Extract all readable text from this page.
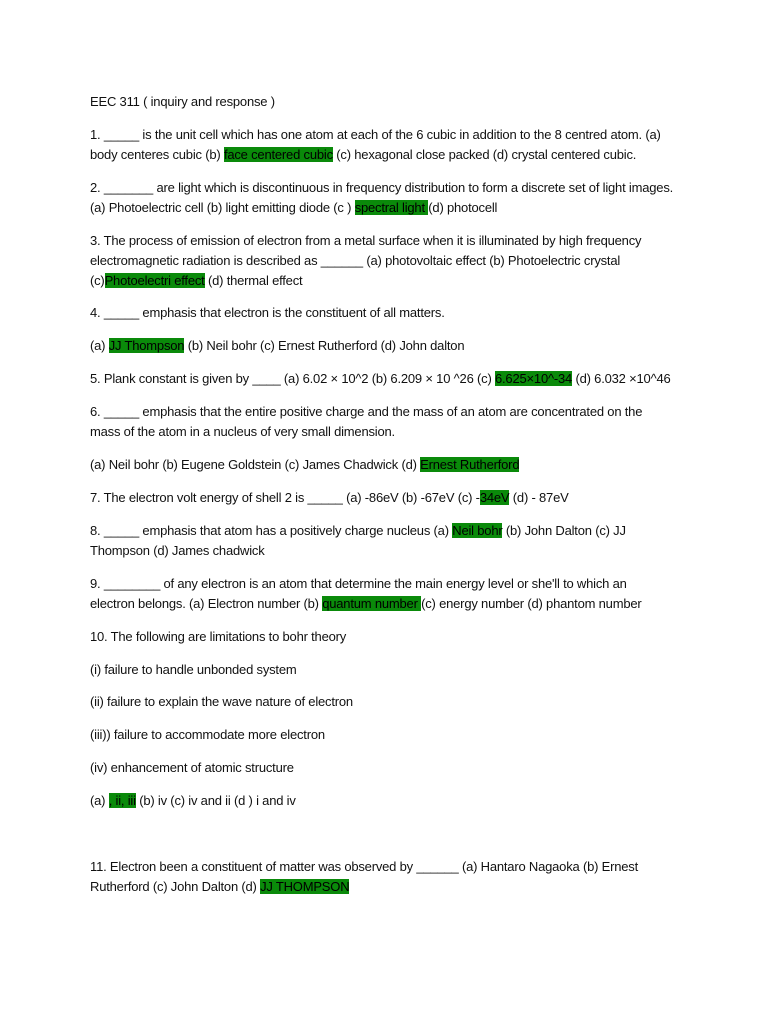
EEC 311 ( inquiry and response )
1. _____ is the unit cell which has one atom at each of the 6 cubic in addition to the 8 centred atom. (a)
body centeres cubic (b) face centered cubic (c) hexagonal close packed (d) crystal centered cubic.
2. _______ are light which is discontinuous in frequency distribution to form a discrete set of light images.
(a) Photoelectric cell (b) light emitting diode (c ) spectral light (d) photocell
3. The process of emission of electron from a metal surface when it is illuminated by high frequency
electromagnetic radiation is described as ______ (a) photovoltaic effect (b) Photoelectric crystal
(c)Photoelectri effect (d) thermal effect
4. _____ emphasis that electron is the constituent of all matters.
(a) JJ Thompson (b) Neil bohr (c) Ernest Rutherford (d) John dalton
5. Plank constant is given by ____ (a) 6.02 × 10^2 (b) 6.209 × 10 ^26 (c) 6.625×10^-34 (d) 6.032 ×10^46
6. _____ emphasis that the entire positive charge and the mass of an atom are concentrated on the
mass of the atom in a nucleus of very small dimension.
(a) Neil bohr (b) Eugene Goldstein (c) James Chadwick (d) Ernest Rutherford
7. The electron volt energy of shell 2 is _____ (a) -86eV (b) -67eV (c) -34eV (d) - 87eV
8. _____ emphasis that atom has a positively charge nucleus (a) Neil bohr (b) John Dalton (c) JJ
Thompson (d) James chadwick
9. ________ of any electron is an atom that determine the main energy level or she'll to which an
electron belongs. (a) Electron number (b) quantum number (c) energy number (d) phantom number
10. The following are limitations to bohr theory
(i) failure to handle unbonded system
(ii) failure to explain the wave nature of electron
(iii)) failure to accommodate more electron
(iv) enhancement of atomic structure
(a) , ii, iii (b) iv (c) iv and ii (d ) i and iv
11. Electron been a constituent of matter was observed by ______ (a) Hantaro Nagaoka (b) Ernest
Rutherford (c) John Dalton (d) JJ THOMPSON
